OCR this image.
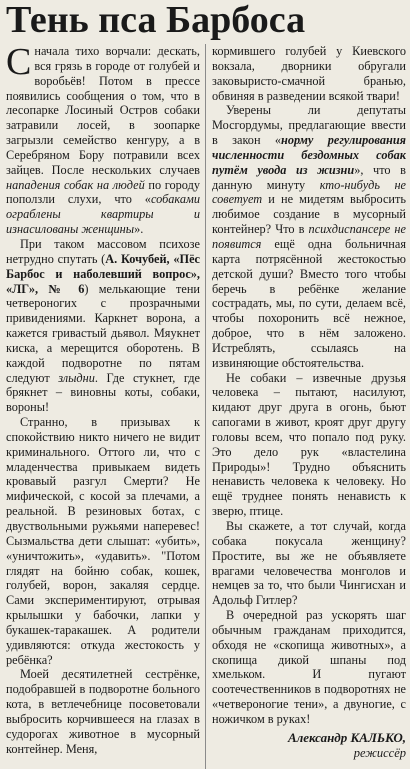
Тень пса Барбоса

Сначала тихо ворчали: дескать, вся грязь в городе от голубей и воробьёв! Потом в прессе появились сообщения о том, что в лесопарке Лосиный Остров собаки затравили лосей, в зоопарке загрызли семейство кенгуру, а в Серебряном Бору потравили всех зайцев. После нескольких случаев нападения собак на людей по городу поползли слухи, что «собаками ограблены квартиры и изнасилованы женщины».

При таком массовом психозе нетрудно спутать (А. Кочубей, «Пёс Барбос и наболевший вопрос», «ЛГ», № 6) мелькающие тени четвероногих с прозрачными привидениями. Каркнет ворона, а кажется гривастый дьявол. Мяукнет киска, а мерещится оборотень. В каждой подворотне по пятам следуют злыдни. Где стукнет, где брякнет – виновны коты, собаки, вороны!

Странно, в призывах к спокойствию никто ничего не видит криминального. Оттого ли, что с младенчества привыкаем видеть кровавый разгул Смерти? Не мифической, с косой за плечами, а реальной. В резиновых ботах, с двуствольными ружьями наперевес! Сызмальства дети слышат: «убить», «уничтожить», «удавить». "Потом глядят на бойню собак, кошек, голубей, ворон, закаляя сердце. Сами экспериментируют, отрывая крылышки у бабочки, лапки у букашек-таракашек. А родители удивляются: откуда жестокость у ребёнка?

Моей десятилетней сестрёнке, подобравшей в подворотне больного кота, в ветлечебнице посоветовали выбросить корчившееся на глазах в судорогах животное в мусорный контейнер. Меня,

кормившего голубей у Киевского вокзала, дворники обругали заковыристо-смачной бранью, обвиняя в разведении всякой твари!

Уверены ли депутаты Мосгордумы, предлагающие ввести в закон «норму регулирования численности бездомных собак путём увода из жизни», что в данную минуту кто-нибудь не советует и не мидетям выбросить любимое создание в мусорный контейнер? Что в психдиспансере не появится ещё одна больничная карта потрясённой жестокостью детской души? Вместо того чтобы беречь в ребёнке желание сострадать, мы, по сути, делаем всё, чтобы похоронить всё нежное, доброе, что в нём заложено. Истреблять, ссылаясь на извиняющие обстоятельства.

Не собаки – извечные друзья человека – пытают, насилуют, кидают друг друга в огонь, бьют сапогами в живот, кроят друг другу головы всем, что попало под руку. Это дело рук «властелина Природы»! Трудно объяснить ненависть человека к человеку. Но ещё труднее понять ненависть к зверю, птице.

Вы скажете, а тот случай, когда собака покусала женщину? Простите, вы же не объявляете врагами человечества монголов и немцев за то, что были Чингисхан и Адольф Гитлер?

В очередной раз ускорять шаг обычным гражданам приходится, обходя не «скопища животных», а скопища дикой шпаны под хмельком. И пугают соотечественников в подворотнях не «четвероногие тени», а двуногие, с ножичком в руках!

Александр КАЛЬКО,
режиссёр
